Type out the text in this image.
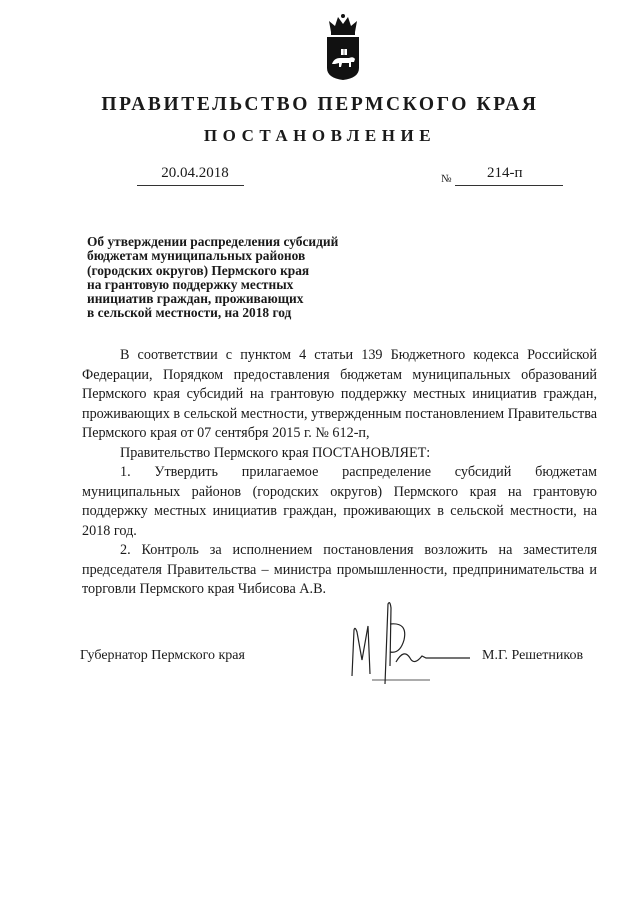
ПРАВИТЕЛЬСТВО ПЕРМСКОГО КРАЯ
ПОСТАНОВЛЕНИЕ
20.04.2018	№ 214-п
Об утверждении распределения субсидий
бюджетам муниципальных районов
(городских округов) Пермского края
на грантовую поддержку местных
инициатив граждан, проживающих
в сельской местности, на 2018 год
В соответствии с пунктом 4 статьи 139 Бюджетного кодекса Российской Федерации, Порядком предоставления бюджетам муниципальных образований Пермского края субсидий на грантовую поддержку местных инициатив граждан, проживающих в сельской местности, утвержденным постановлением Правительства Пермского края от 07 сентября 2015 г. № 612-п,
Правительство Пермского края ПОСТАНОВЛЯЕТ:
1. Утвердить прилагаемое распределение субсидий бюджетам муниципальных районов (городских округов) Пермского края на грантовую поддержку местных инициатив граждан, проживающих в сельской местности, на 2018 год.
2. Контроль за исполнением постановления возложить на заместителя председателя Правительства – министра промышленности, предпринимательства и торговли Пермского края Чибисова А.В.
Губернатор Пермского края	М.Г. Решетников
